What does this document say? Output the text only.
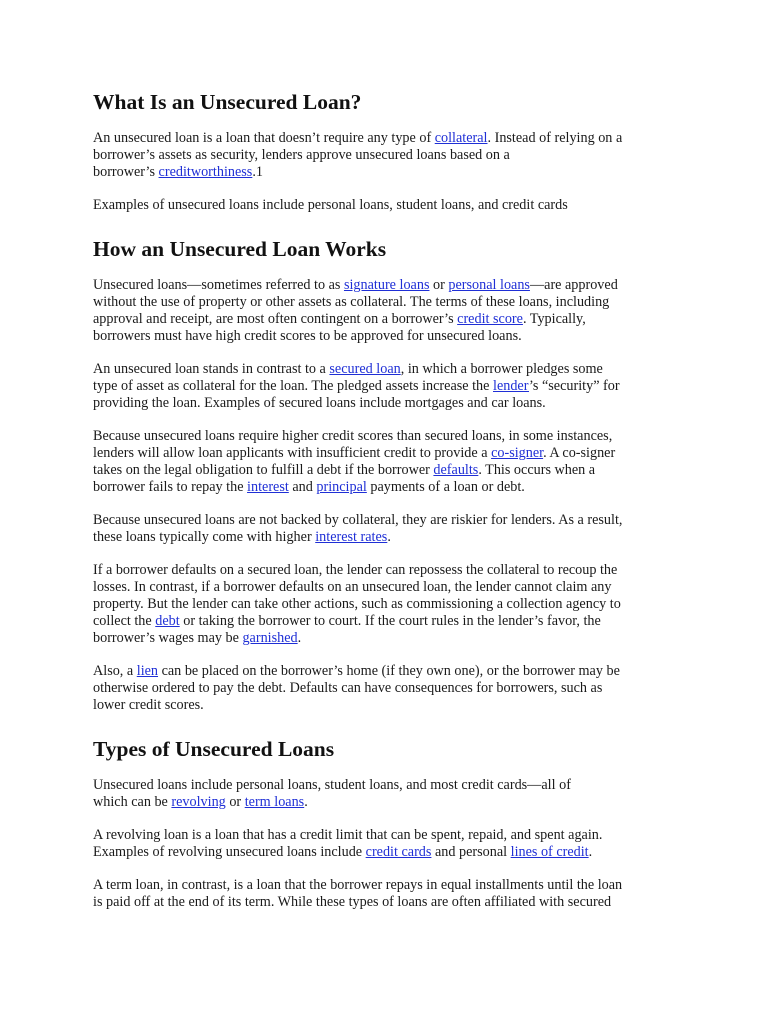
What Is an Unsecured Loan?

An unsecured loan is a loan that doesn’t require any type of collateral. Instead of relying on a
borrower’s assets as security, lenders approve unsecured loans based on a
borrower’s creditworthiness.1

Examples of unsecured loans include personal loans, student loans, and credit cards

How an Unsecured Loan Works

Unsecured loans—sometimes referred to as signature loans or personal loans—are approved
without the use of property or other assets as collateral. The terms of these loans, including
approval and receipt, are most often contingent on a borrower’s credit score. Typically,
borrowers must have high credit scores to be approved for unsecured loans.

An unsecured loan stands in contrast to a secured loan, in which a borrower pledges some
type of asset as collateral for the loan. The pledged assets increase the lender’s “security” for
providing the loan. Examples of secured loans include mortgages and car loans.

Because unsecured loans require higher credit scores than secured loans, in some instances,
lenders will allow loan applicants with insufficient credit to provide a co-signer. A co-signer
takes on the legal obligation to fulfill a debt if the borrower defaults. This occurs when a
borrower fails to repay the interest and principal payments of a loan or debt.

Because unsecured loans are not backed by collateral, they are riskier for lenders. As a result,
these loans typically come with higher interest rates.

If a borrower defaults on a secured loan, the lender can repossess the collateral to recoup the
losses. In contrast, if a borrower defaults on an unsecured loan, the lender cannot claim any
property. But the lender can take other actions, such as commissioning a collection agency to
collect the debt or taking the borrower to court. If the court rules in the lender’s favor, the
borrower’s wages may be garnished.

Also, a lien can be placed on the borrower’s home (if they own one), or the borrower may be
otherwise ordered to pay the debt. Defaults can have consequences for borrowers, such as
lower credit scores.

Types of Unsecured Loans

Unsecured loans include personal loans, student loans, and most credit cards—all of
which can be revolving or term loans.

A revolving loan is a loan that has a credit limit that can be spent, repaid, and spent again.
Examples of revolving unsecured loans include credit cards and personal lines of credit.

A term loan, in contrast, is a loan that the borrower repays in equal installments until the loan
is paid off at the end of its term. While these types of loans are often affiliated with secured
